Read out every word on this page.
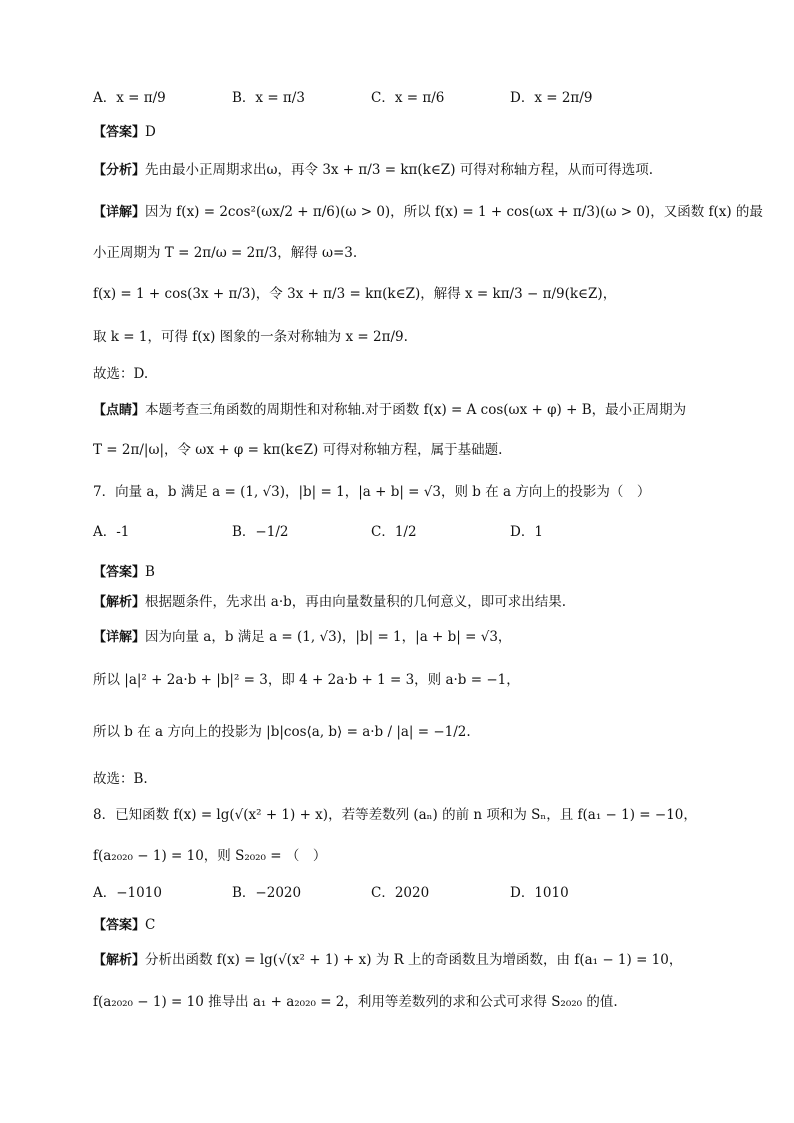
A．x = π/9	B．x = π/3	C．x = π/6	D．x = 2π/9
【答案】D
【分析】先由最小正周期求出ω，再令 3x + π/3 = kπ(k∈Z) 可得对称轴方程，从而可得选项.
【详解】因为 f(x) = 2cos²(ωx/2 + π/6)(ω > 0)，所以 f(x) = 1 + cos(ωx + π/3)(ω > 0)，又函数 f(x) 的最
小正周期为 T = 2π/ω = 2π/3，解得 ω=3.
f(x) = 1 + cos(3x + π/3)，令 3x + π/3 = kπ(k∈Z)，解得 x = kπ/3 − π/9(k∈Z)，
取 k = 1，可得 f(x) 图象的一条对称轴为 x = 2π/9.
故选：D.
【点睛】本题考查三角函数的周期性和对称轴.对于函数 f(x) = A cos(ωx + φ) + B，最小正周期为
T = 2π/|ω|，令 ωx + φ = kπ(k∈Z) 可得对称轴方程，属于基础题.
7．向量 a，b 满足 a = (1, √3)，|b| = 1，|a + b| = √3，则 b 在 a 方向上的投影为（　）
A．-1	B．−1/2	C．1/2	D．1
【答案】B
【解析】根据题条件，先求出 a·b，再由向量数量积的几何意义，即可求出结果.
【详解】因为向量 a，b 满足 a = (1, √3)，|b| = 1，|a + b| = √3，
所以 |a|² + 2a·b + |b|² = 3，即 4 + 2a·b + 1 = 3，则 a·b = −1，
所以 b 在 a 方向上的投影为 |b|cos⟨a, b⟩ = a·b / |a| = −1/2.
故选：B.
8．已知函数 f(x) = lg(√(x² + 1) + x)，若等差数列 (aₙ) 的前 n 项和为 Sₙ，且 f(a₁ − 1) = −10，
f(a₂₀₂₀ − 1) = 10，则 S₂₀₂₀ = （　）
A．−1010	B．−2020	C．2020	D．1010
【答案】C
【解析】分析出函数 f(x) = lg(√(x² + 1) + x) 为 R 上的奇函数且为增函数，由 f(a₁ − 1) = 10，
f(a₂₀₂₀ − 1) = 10 推导出 a₁ + a₂₀₂₀ = 2，利用等差数列的求和公式可求得 S₂₀₂₀ 的值.
